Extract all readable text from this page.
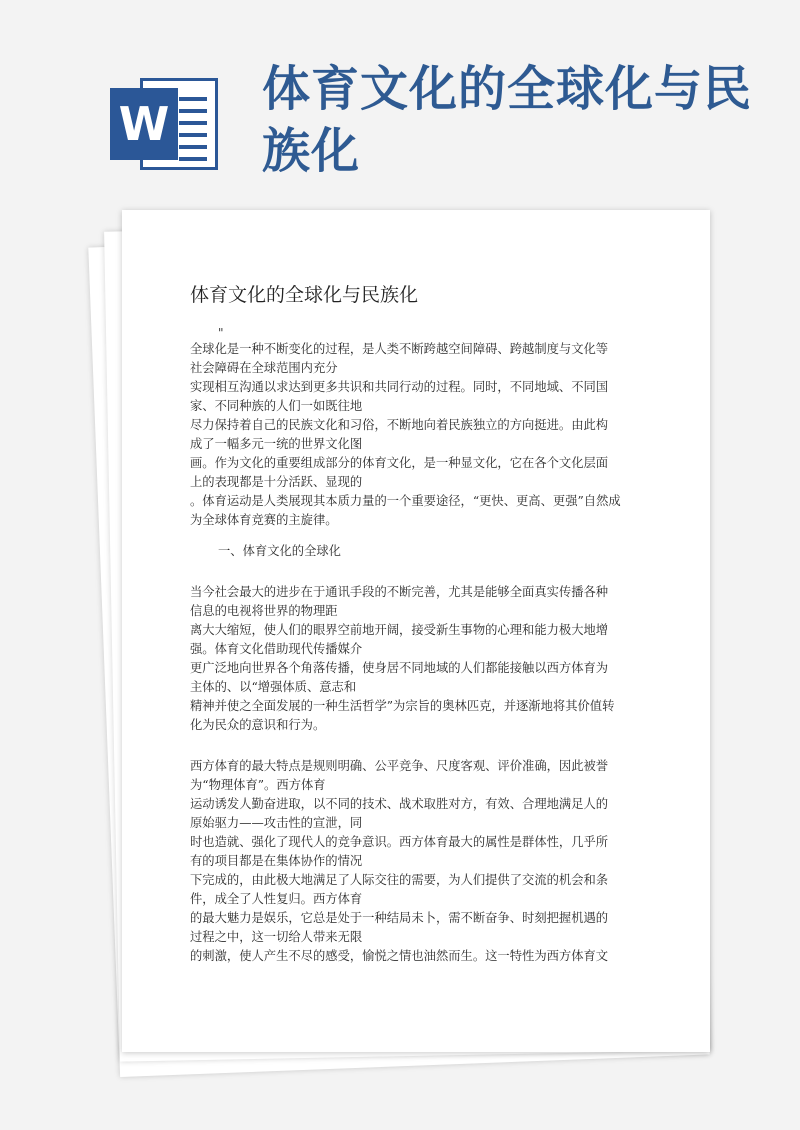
W
体育文化的全球化与民
族化
体育文化的全球化与民族化
"
全球化是一种不断变化的过程，是人类不断跨越空间障碍、跨越制度与文化等
社会障碍在全球范围内充分
实现相互沟通以求达到更多共识和共同行动的过程。同时，不同地域、不同国
家、不同种族的人们一如既往地
尽力保持着自己的民族文化和习俗，不断地向着民族独立的方向挺进。由此构
成了一幅多元一统的世界文化图
画。作为文化的重要组成部分的体育文化，是一种显文化，它在各个文化层面
上的表现都是十分活跃、显现的
。体育运动是人类展现其本质力量的一个重要途径，“更快、更高、更强”自然成
为全球体育竞赛的主旋律。
一、体育文化的全球化
当今社会最大的进步在于通讯手段的不断完善，尤其是能够全面真实传播各种
信息的电视将世界的物理距
离大大缩短，使人们的眼界空前地开阔，接受新生事物的心理和能力极大地增
强。体育文化借助现代传播媒介
更广泛地向世界各个角落传播，使身居不同地域的人们都能接触以西方体育为
主体的、以“增强体质、意志和
精神并使之全面发展的一种生活哲学”为宗旨的奥林匹克，并逐渐地将其价值转
化为民众的意识和行为。
西方体育的最大特点是规则明确、公平竞争、尺度客观、评价准确，因此被誉
为“物理体育”。西方体育
运动诱发人勤奋进取，以不同的技术、战术取胜对方，有效、合理地满足人的
原始驱力——攻击性的宣泄，同
时也造就、强化了现代人的竞争意识。西方体育最大的属性是群体性，几乎所
有的项目都是在集体协作的情况
下完成的，由此极大地满足了人际交往的需要，为人们提供了交流的机会和条
件，成全了人性复归。西方体育
的最大魅力是娱乐，它总是处于一种结局未卜，需不断奋争、时刻把握机遇的
过程之中，这一切给人带来无限
的刺激，使人产生不尽的感受，愉悦之情也油然而生。这一特性为西方体育文
